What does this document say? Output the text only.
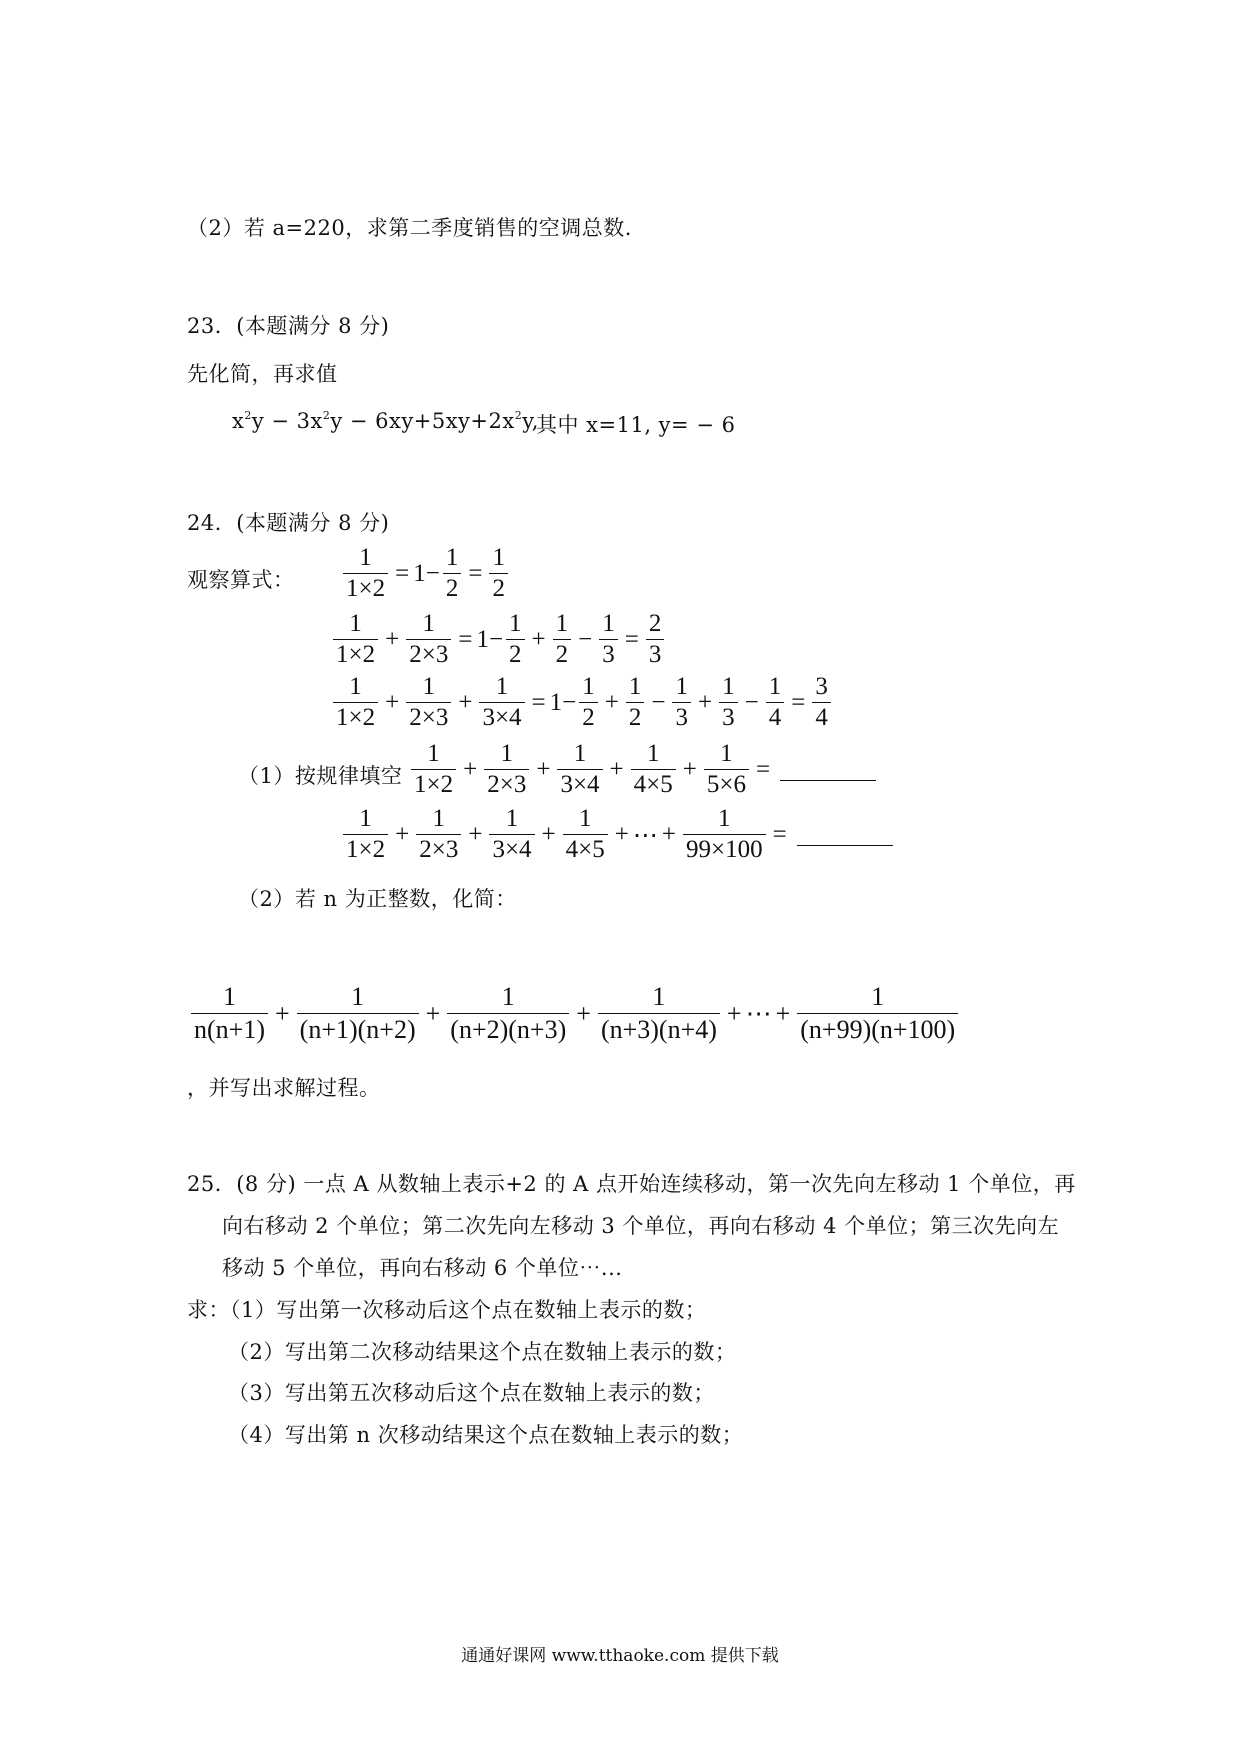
（2）若 a=220，求第二季度销售的空调总数.
23．(本题满分 8 分)
先化简，再求值
$x^2y - 3x^2y - 6xy+5xy+2x^2y$,
其中 x=11, y= − 6
24．(本题满分 8 分)
观察算式： $\frac{1}{1\times 2} = 1- \frac{1}{2} = \frac{1}{2}$
$\frac{1}{1\times 2} + \frac{1}{2\times 3} = 1- \frac{1}{2} + \frac{1}{2} - \frac{1}{3} = \frac{2}{3}$
$\frac{1}{1\times 2} + \frac{1}{2\times 3} + \frac{1}{3\times 4} = 1- \frac{1}{2} + \frac{1}{2} - \frac{1}{3} + \frac{1}{3} - \frac{1}{4} = \frac{3}{4}$
（1）按规律填空 $\frac{1}{1\times 2} + \frac{1}{2\times 3} + \frac{1}{3\times 4} + \frac{1}{4\times 5} + \frac{1}{5\times 6}$ =
$\frac{1}{1\times 2} + \frac{1}{2\times 3} + \frac{1}{3\times 4} + \frac{1}{4\times 5}$ + ⋯ + $\frac{1}{99\times 100}$ =
（2）若 n 为正整数，化简：
$\frac{1}{n(n+1)} + \frac{1}{(n+1)(n+2)} + \frac{1}{(n+2)(n+3)} + \frac{1}{(n+3)(n+4)}$ + ⋯ + $\frac{1}{(n+99)(n+100)}$
，并写出求解过程。
25．(8 分) 一点 A 从数轴上表示+2 的 A 点开始连续移动，第一次先向左移动 1 个单位，再
向右移动 2 个单位；第二次先向左移动 3 个单位，再向右移动 4 个单位；第三次先向左
移动 5 个单位，再向右移动 6 个单位⋯...
求：（1）写出第一次移动后这个点在数轴上表示的数；
（2）写出第二次移动结果这个点在数轴上表示的数；
（3）写出第五次移动后这个点在数轴上表示的数；
（4）写出第 n 次移动结果这个点在数轴上表示的数；
通通好课网 www.tthaoke.com 提供下载
